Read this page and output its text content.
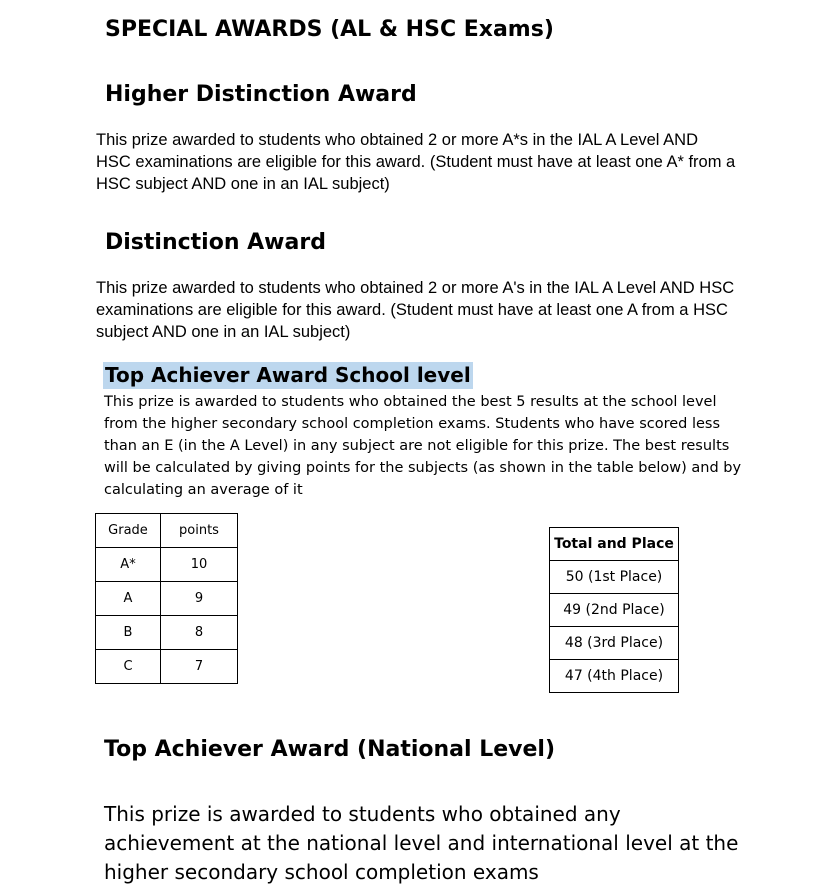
SPECIAL AWARDS (AL & HSC Exams)
Higher Distinction Award
This prize awarded to students who obtained 2 or more A*s in the IAL A Level AND HSC examinations are eligible for this award. (Student must have at least one A* from a HSC subject AND one in an IAL subject)
Distinction Award
This prize awarded to students who obtained 2 or more A's in the IAL A Level AND HSC examinations are eligible for this award. (Student must have at least one A from a HSC subject AND one in an IAL subject)
Top Achiever Award School level
This prize is awarded to students who obtained the best 5 results at the school level from the higher secondary school completion exams. Students who have scored less than an E (in the A Level) in any subject are not eligible for this prize. The best results will be calculated by giving points for the subjects (as shown in the table below) and by calculating an average of it
Grade	points
A*	10
A	9
B	8
C	7
Total and Place
50 (1st Place)
49 (2nd Place)
48 (3rd Place)
47 (4th Place)
Top Achiever Award (National Level)
This prize is awarded to students who obtained any achievement at the national level and international level at the higher secondary school completion exams
